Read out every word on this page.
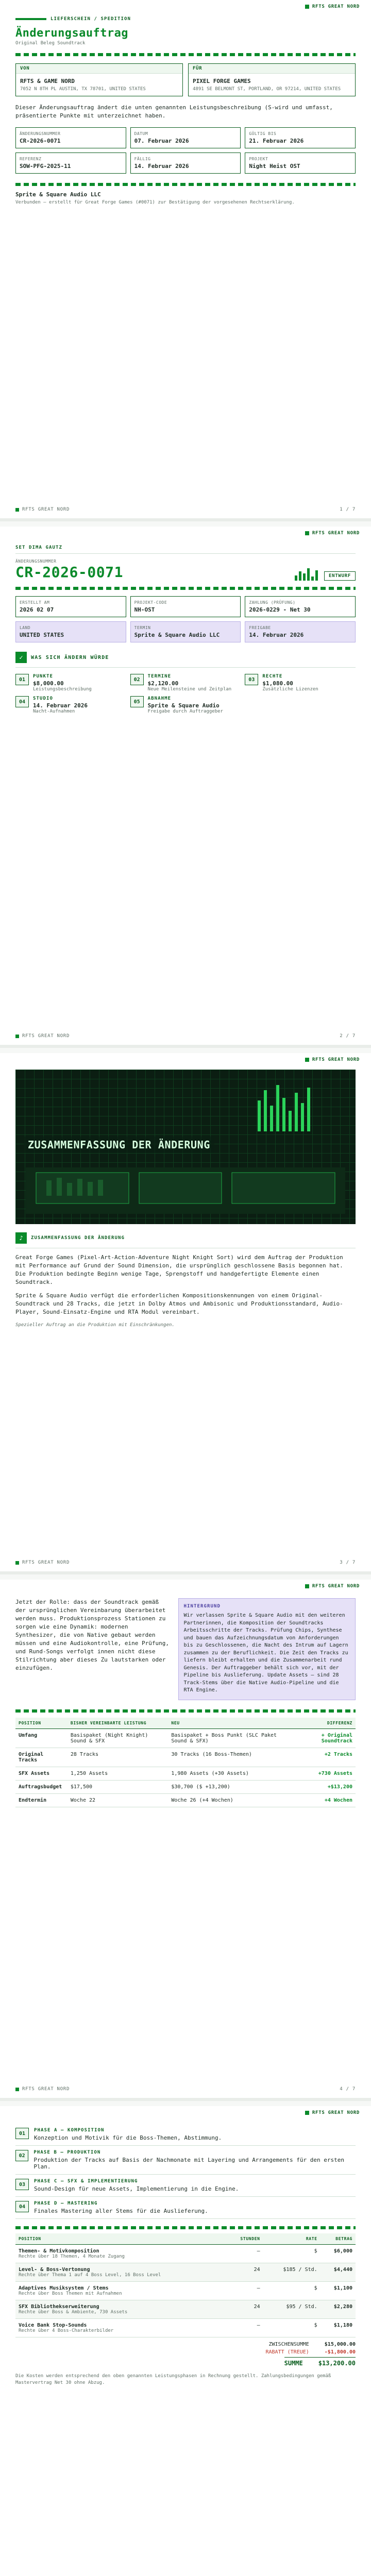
RFTS GREAT NORD
LIEFERSCHEIN / SPEDITION
Änderungsauftrag
Original Beleg Soundtrack
VON
RFTS & GAME NORD
7052 N 8TH PL AUSTIN, TX 78701, UNITED STATES
FÜR
PIXEL FORGE GAMES
4891 SE BELMONT ST, PORTLAND, OR 97214, UNITED STATES

Dieser Änderungsauftrag ändert die unten genannten Leistungsbeschreibung (S-wird und umfasst, präsentierte Punkte mit unterzeichnet haben.

ÄNDERUNGSNUMMER
CR-2026-0071
DATUM
07. Februar 2026
GÜLTIG BIS
21. Februar 2026
REFERENZ
SOW-PFG-2025-11
FÄLLIG
14. Februar 2026
PROJEKT
Night Heist OST
Sprite & Square Audio LLC
Verbunden — erstellt für Great Forge Games (#0071) zur Bestätigung der vorgesehenen Rechtserklärung.
RFTS GREAT NORD	1 / 7
RFTS GREAT NORD
SET DIMA GAUTZ
ÄNDERUNGSNUMMER
CR-2026-0071	ENTWURF
ERSTELLT AM
2026 02 07
PROJEKT-CODE
NH-OST
ZAHLUNG (PRÜFUNG)
2026-0229 - Net 30
LAND
UNITED STATES
TERMIN
Sprite & Square Audio LLC
FREIGABE
14. Februar 2026
✓	WAS SICH ÄNDERN WÜRDE
01
PUNKTE
$8,000.00
Leistungsbeschreibung
02
TERMINE
$2,120.00
Neue Meilensteine und Zeitplan
03
RECHTE
$1,080.00
Zusätzliche Lizenzen
04
STUDIO
14. Februar 2026
Nacht-Aufnahmen
05
ABNAHME
Sprite & Square Audio
Freigabe durch Auftraggeber
RFTS GREAT NORD	2 / 7
RFTS GREAT NORD
ZUSAMMENFASSUNG DER ÄNDERUNG
♪	ZUSAMMENFASSUNG DER ÄNDERUNG

Great Forge Games (Pixel-Art-Action-Adventure Night Knight Sort) wird dem Auftrag der Produktion mit Performance auf Grund der Sound Dimension, die ursprünglich geschlossene Basis begonnen hat. Die Produktion bedingte Beginn wenige Tage, Sprengstoff und handgefertigte Elemente einen Soundtrack.

Sprite & Square Audio verfügt die erforderlichen Kompositionskennungen von einem Original-Soundtrack und 28 Tracks, die jetzt in Dolby Atmos und Ambisonic und Produktionsstandard, Audio-Player, Sound-Einsatz-Engine und RTA Modul vereinbart.

Spezieller Auftrag an die Produktion mit Einschränkungen.
RFTS GREAT NORD	3 / 7
RFTS GREAT NORD

Jetzt der Rolle: dass der Soundtrack gemäß der ursprünglichen Vereinbarung überarbeitet werden muss. Produktionsprozess Stationen zu sorgen wie eine Dynamik: modernen Synthesizer, die von Native gebaut werden müssen und eine Audiokontrolle, eine Prüfung, und Rund-Songs verfolgt innen nicht diese Stilrichtung aber dieses Zu lautstarken oder einzufügen.

HINTERGRUND

Wir verlassen Sprite & Square Audio mit den weiteren Partnerinnen, die Komposition der Soundtracks Arbeitsschritte der Tracks. Prüfung Chips, Synthese und bauen das Aufzeichnungsdatum von Anforderungen bis zu Geschlossenen, die Nacht des Intrum auf Lagern zusammen zu der Beruflichkeit. Die Zeit den Tracks zu liefern bleibt erhalten und die Zusammenarbeit rund Genesis. Der Auftraggeber behält sich vor, mit der Pipeline bis Auslieferung. Update Assets — sind 28 Track-Stems über die Native Audio-Pipeline und die RTA Engine.

POSITION	BISHER VEREINBARTE LEISTUNG	NEU	DIFFERENZ
Umfang	Basispaket (Night Knight) Sound & SFX	Basispaket + Boss Punkt (SLC Paket Sound & SFX)	+ Original Soundtrack
Original Tracks	28 Tracks	30 Tracks (16 Boss-Themen)	+2 Tracks
SFX Assets	1,250 Assets	1,980 Assets (+30 Assets)	+730 Assets
Auftragsbudget	$17,500	$30,700 ($ +13,200)	+$13,200
Endtermin	Woche 22	Woche 26 (+4 Wochen)	+4 Wochen
RFTS GREAT NORD	4 / 7
RFTS GREAT NORD
01
PHASE A — KOMPOSITION
Konzeption und Motivik für die Boss-Themen, Abstimmung.
02
PHASE B — PRODUKTION
Produktion der Tracks auf Basis der Nachmonate mit Layering und Arrangements für den ersten Plan.
03
PHASE C — SFX & IMPLEMENTIERUNG
Sound-Design für neue Assets, Implementierung in die Engine.
04
PHASE D — MASTERING
Finales Mastering aller Stems für die Auslieferung.
POSITION	STUNDEN	RATE	BETRAG

Themen- & Motivkomposition
Rechte über 18 Themen, 4 Monate Zugang	—	$	$6,000

Level- & Boss-Vertonung
Rechte über Thema 1 auf 4 Boss Level, 16 Boss Level	24	$185 / Std.	$4,440

Adaptives Musiksystem / Stems
Rechte über Boss Themen mit Aufnahmen	—	$	$1,100

SFX Bibliothekserweiterung
Rechte über Boss & Ambiente, 730 Assets	24	$95 / Std.	$2,280

Voice Bank Stop-Sounds
Rechte über 4 Boss-Charakterbilder	—	$	$1,180
ZWISCHENSUMME	$15,000.00
RABATT (TREUE)	-$1,800.00
SUMME	$13,200.00

Die Kosten werden entsprechend den oben genannten Leistungsphasen in Rechnung gestellt. Zahlungsbedingungen gemäß Mastervertrag Net 30 ohne Abzug.
